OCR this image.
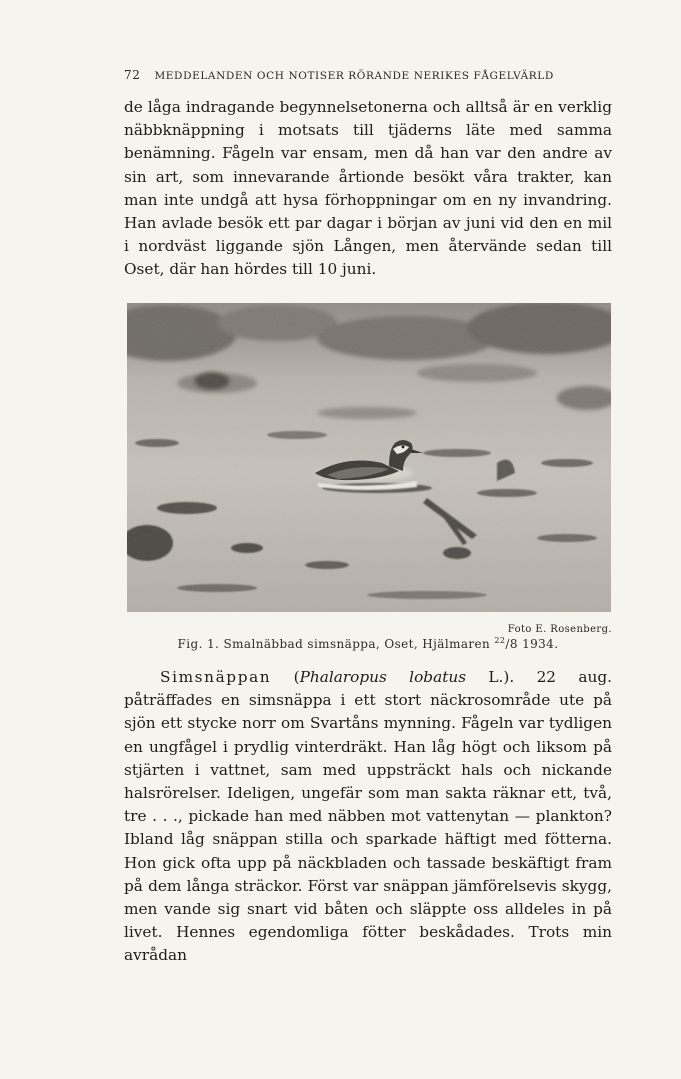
72 MEDDELANDEN OCH NOTISER RÖRANDE NERIKES FÅGELVÄRLD

de låga indragande begynnelsetonerna och alltså är en verklig näbbknäppning i motsats till tjäderns läte med samma benämning. Fågeln var ensam, men då han var den andre av sin art, som innevarande årtionde besökt våra trakter, kan man inte undgå att hysa förhoppningar om en ny invandring. Han avlade besök ett par dagar i början av juni vid den en mil i nordväst liggande sjön Lången, men återvände sedan till Oset, där han hördes till 10 juni.

Foto E. Rosenberg.
Fig. 1. Smalnäbbad simsnäppa, Oset, Hjälmaren $^{22}$/8 1934.

Simsnäppan (Phalaropus lobatus L.). 22 aug. påträffades en simsnäppa i ett stort näckrosområde ute på sjön ett stycke norr om Svartåns mynning. Fågeln var tydligen en ungfågel i prydlig vinterdräkt. Han låg högt och liksom på stjärten i vattnet, sam med uppsträckt hals och nickande halsrörelser. Ideligen, ungefär som man sakta räknar ett, två, tre . . ., pickade han med näbben mot vattenytan — plankton? Ibland låg snäppan stilla och sparkade häftigt med fötterna. Hon gick ofta upp på näckbladen och tassade beskäftigt fram på dem långa sträckor. Först var snäppan jämförelsevis skygg, men vande sig snart vid båten och släppte oss alldeles in på livet. Hennes egendomliga fötter beskådades. Trots min avrådan
